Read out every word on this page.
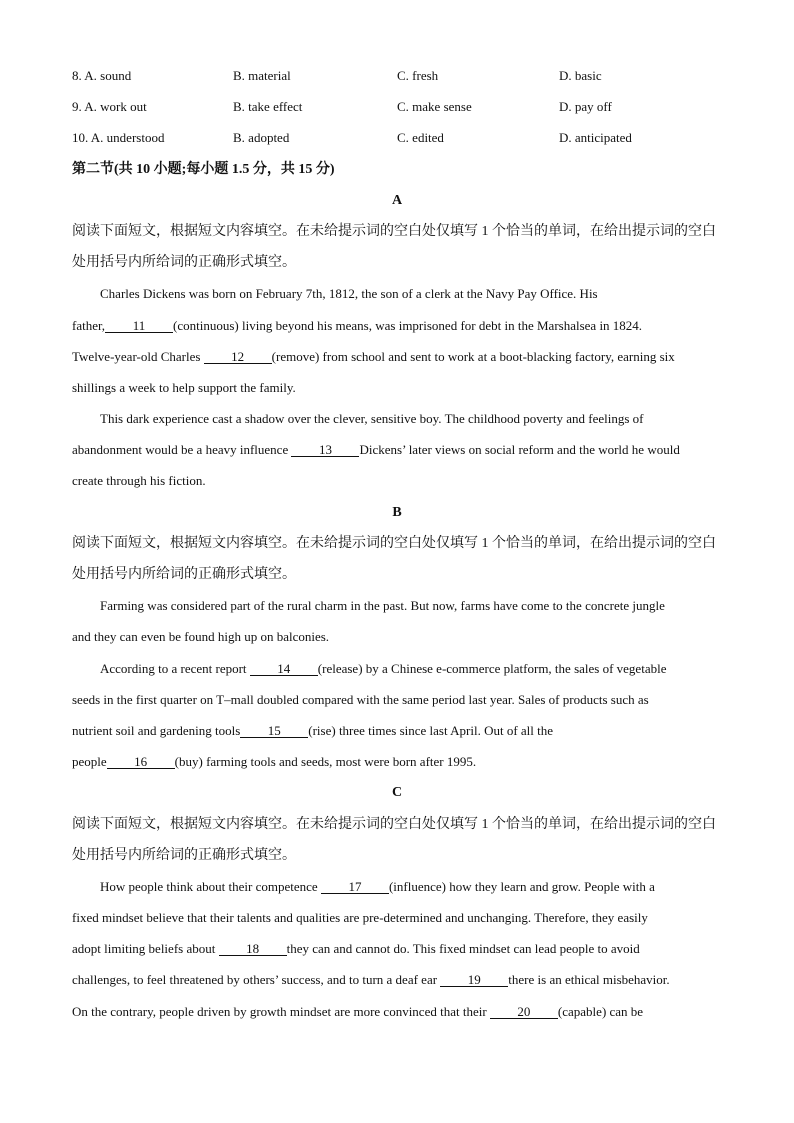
8. A. sound	B. material	C. fresh	D. basic
9. A. work out	B. take effect	C. make sense	D. pay off
10. A. understood	B. adopted	C. edited	D. anticipated
第二节(共 10 小题;每小题 1.5 分，共 15 分)
A
阅读下面短文，根据短文内容填空。在未给提示词的空白处仅填写 1 个恰当的单词，在给出提示词的空白
处用括号内所给词的正确形式填空。
Charles Dickens was born on February 7th, 1812, the son of a clerk at the Navy Pay Office. His
father, 11 (continuous) living beyond his means, was imprisoned for debt in the Marshalsea in 1824.
Twelve-year-old Charles 12 (remove) from school and sent to work at a boot-blacking factory, earning six
shillings a week to help support the family.
This dark experience cast a shadow over the clever, sensitive boy. The childhood poverty and feelings of
abandonment would be a heavy influence 13 Dickens’ later views on social reform and the world he would
create through his fiction.
B
阅读下面短文，根据短文内容填空。在未给提示词的空白处仅填写 1 个恰当的单词，在给出提示词的空白
处用括号内所给词的正确形式填空。
Farming was considered part of the rural charm in the past. But now, farms have come to the concrete jungle
and they can even be found high up on balconies.
According to a recent report 14 (release) by a Chinese e-commerce platform, the sales of vegetable
seeds in the first quarter on T–mall doubled compared with the same period last year. Sales of products such as
nutrient soil and gardening tools 15 (rise) three times since last April. Out of all the
people 16 (buy) farming tools and seeds, most were born after 1995.
C
阅读下面短文，根据短文内容填空。在未给提示词的空白处仅填写 1 个恰当的单词，在给出提示词的空白
处用括号内所给词的正确形式填空。
How people think about their competence 17 (influence) how they learn and grow. People with a
fixed mindset believe that their talents and qualities are pre-determined and unchanging. Therefore, they easily
adopt limiting beliefs about 18 they can and cannot do. This fixed mindset can lead people to avoid
challenges, to feel threatened by others’ success, and to turn a deaf ear 19 there is an ethical misbehavior.
On the contrary, people driven by growth mindset are more convinced that their 20 (capable) can be
